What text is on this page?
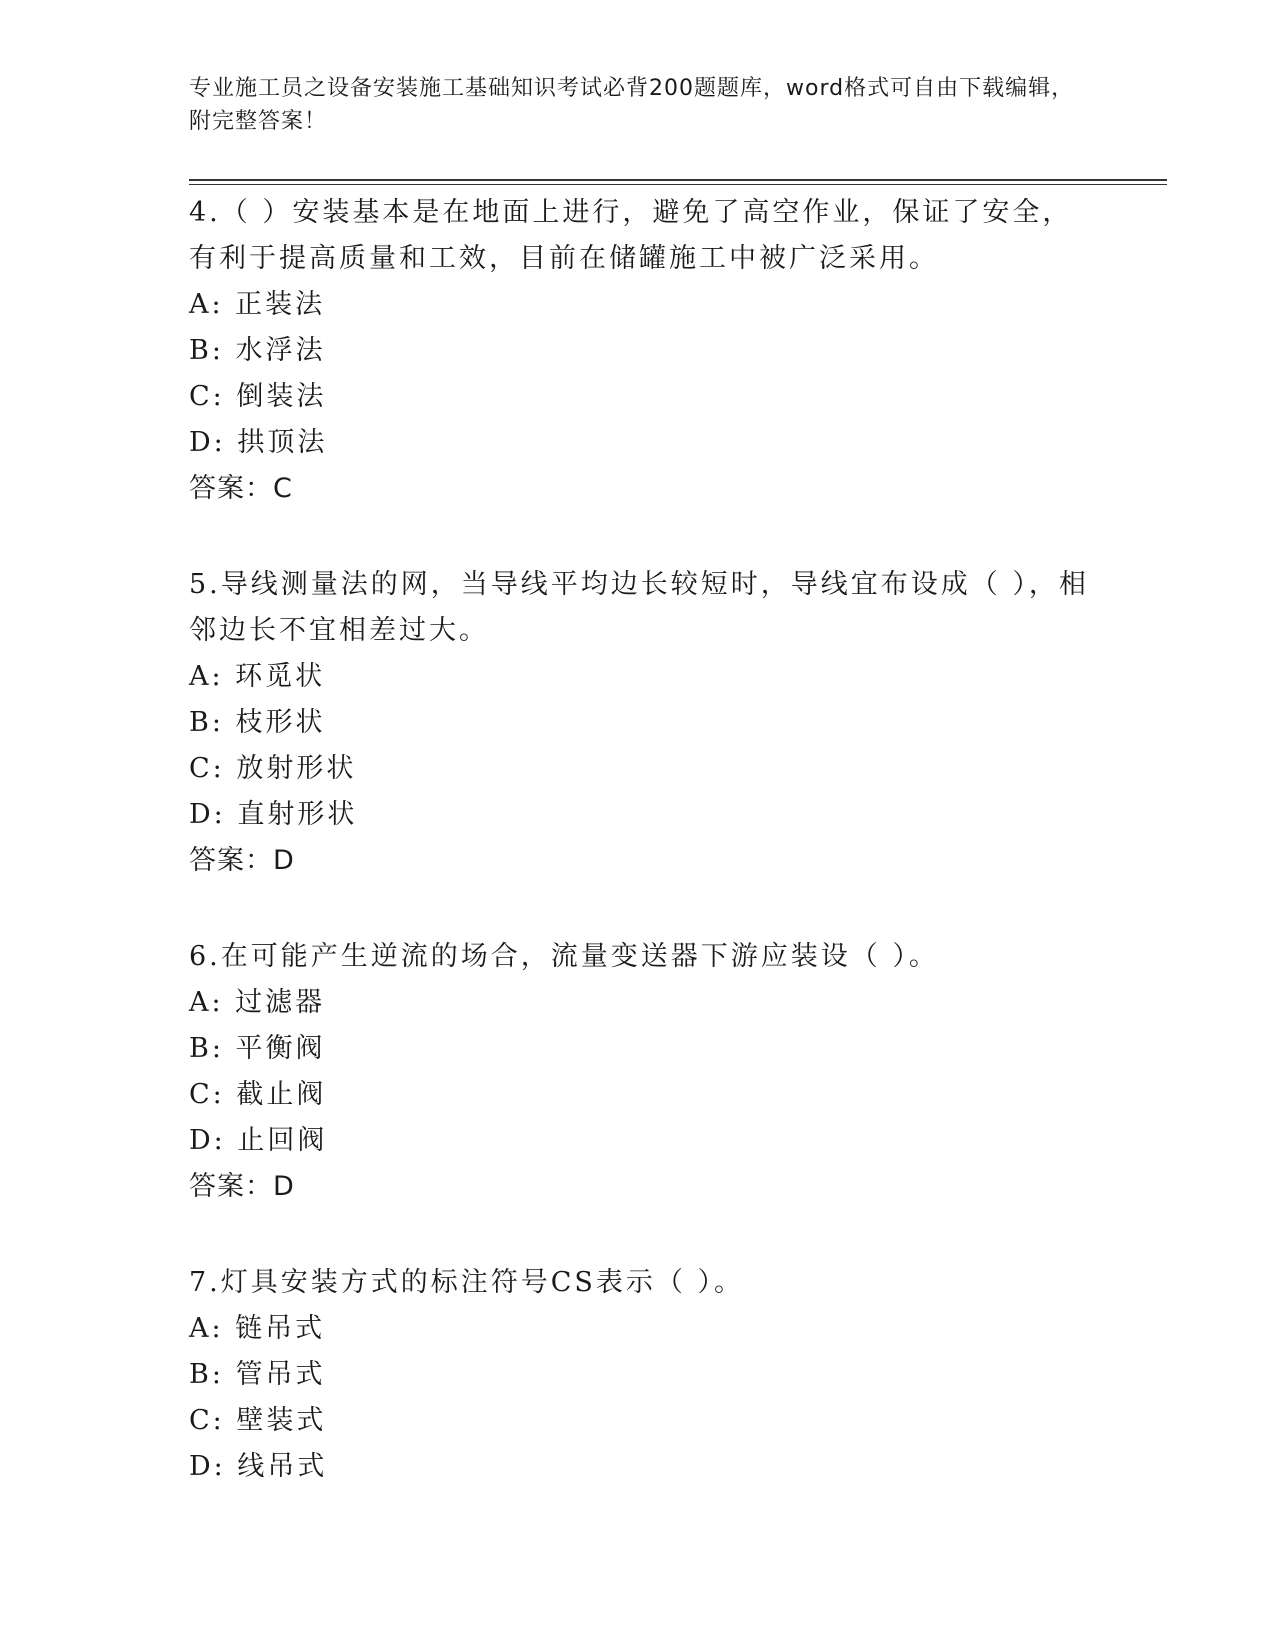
专业施工员之设备安装施工基础知识考试必背200题题库，word格式可自由下载编辑，附完整答案！

4.（ ）安装基本是在地面上进行，避免了高空作业，保证了安全，有利于提高质量和工效，目前在储罐施工中被广泛采用。

A: 正装法
B: 水浮法
C: 倒装法
D: 拱顶法
答案：C

5.导线测量法的网，当导线平均边长较短时，导线宜布设成（ ），相邻边长不宜相差过大。

A: 环觅状
B: 枝形状
C: 放射形状
D: 直射形状
答案：D

6.在可能产生逆流的场合，流量变送器下游应装设（ ）。

A: 过滤器
B: 平衡阀
C: 截止阀
D: 止回阀
答案：D

7.灯具安装方式的标注符号CS表示（ ）。

A: 链吊式
B: 管吊式
C: 壁装式
D: 线吊式
